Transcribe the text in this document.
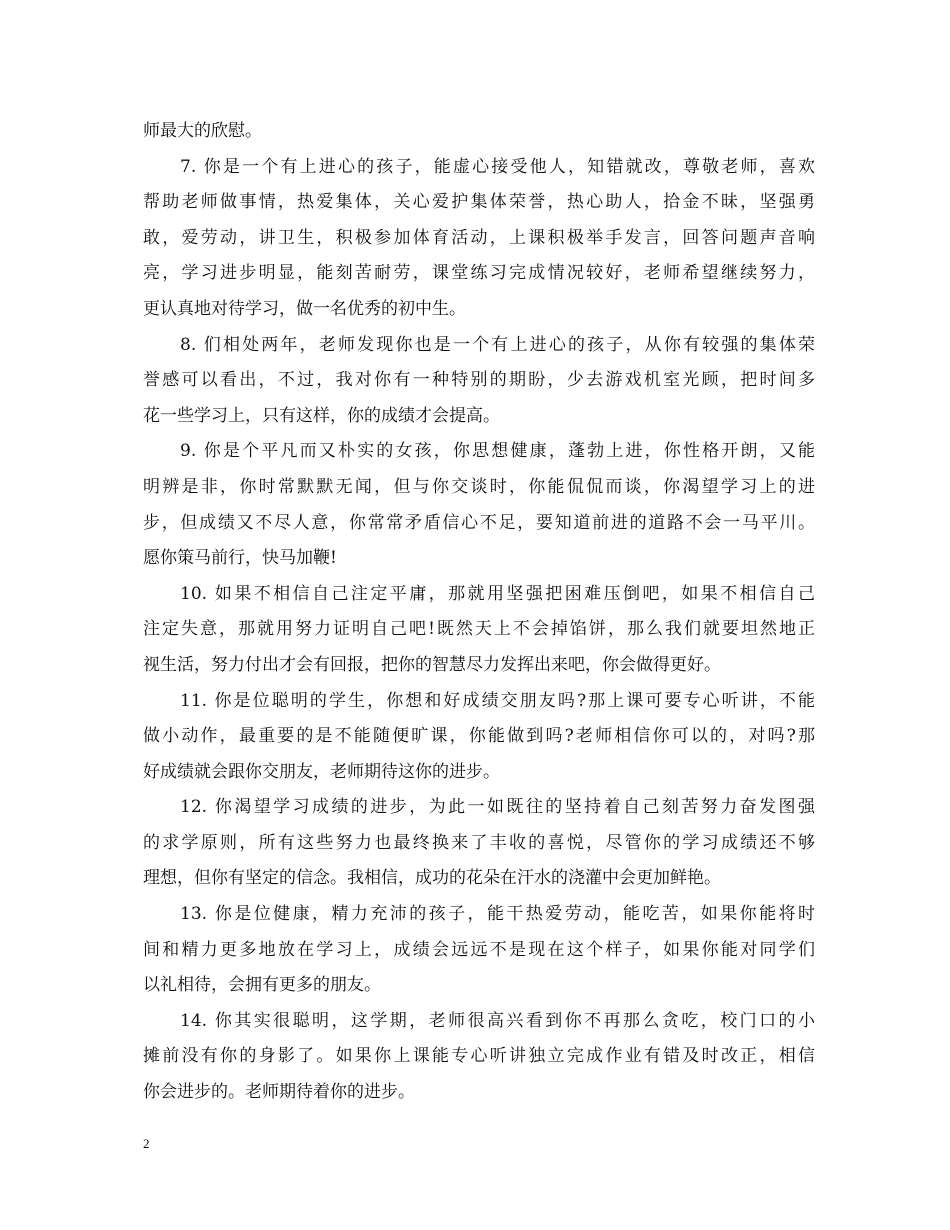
师最大的欣慰。
7. 你是一个有上进心的孩子，能虚心接受他人，知错就改，尊敬老师，喜欢
帮助老师做事情，热爱集体，关心爱护集体荣誉，热心助人，拾金不昧，坚强勇
敢，爱劳动，讲卫生，积极参加体育活动，上课积极举手发言，回答问题声音响
亮，学习进步明显，能刻苦耐劳，课堂练习完成情况较好，老师希望继续努力，
更认真地对待学习，做一名优秀的初中生。
8. 们相处两年，老师发现你也是一个有上进心的孩子，从你有较强的集体荣
誉感可以看出，不过，我对你有一种特别的期盼，少去游戏机室光顾，把时间多
花一些学习上，只有这样，你的成绩才会提高。
9. 你是个平凡而又朴实的女孩，你思想健康，蓬勃上进，你性格开朗，又能
明辨是非，你时常默默无闻，但与你交谈时，你能侃侃而谈，你渴望学习上的进
步，但成绩又不尽人意，你常常矛盾信心不足，要知道前进的道路不会一马平川。
愿你策马前行，快马加鞭!
10. 如果不相信自己注定平庸，那就用坚强把困难压倒吧，如果不相信自己
注定失意，那就用努力证明自己吧!既然天上不会掉馅饼，那么我们就要坦然地正
视生活，努力付出才会有回报，把你的智慧尽力发挥出来吧，你会做得更好。
11. 你是位聪明的学生，你想和好成绩交朋友吗?那上课可要专心听讲，不能
做小动作，最重要的是不能随便旷课，你能做到吗?老师相信你可以的，对吗?那
好成绩就会跟你交朋友，老师期待这你的进步。
12. 你渴望学习成绩的进步，为此一如既往的坚持着自己刻苦努力奋发图强
的求学原则，所有这些努力也最终换来了丰收的喜悦，尽管你的学习成绩还不够
理想，但你有坚定的信念。我相信，成功的花朵在汗水的浇灌中会更加鲜艳。
13. 你是位健康，精力充沛的孩子，能干热爱劳动，能吃苦，如果你能将时
间和精力更多地放在学习上，成绩会远远不是现在这个样子，如果你能对同学们
以礼相待，会拥有更多的朋友。
14. 你其实很聪明，这学期，老师很高兴看到你不再那么贪吃，校门口的小
摊前没有你的身影了。如果你上课能专心听讲独立完成作业有错及时改正，相信
你会进步的。老师期待着你的进步。
2
